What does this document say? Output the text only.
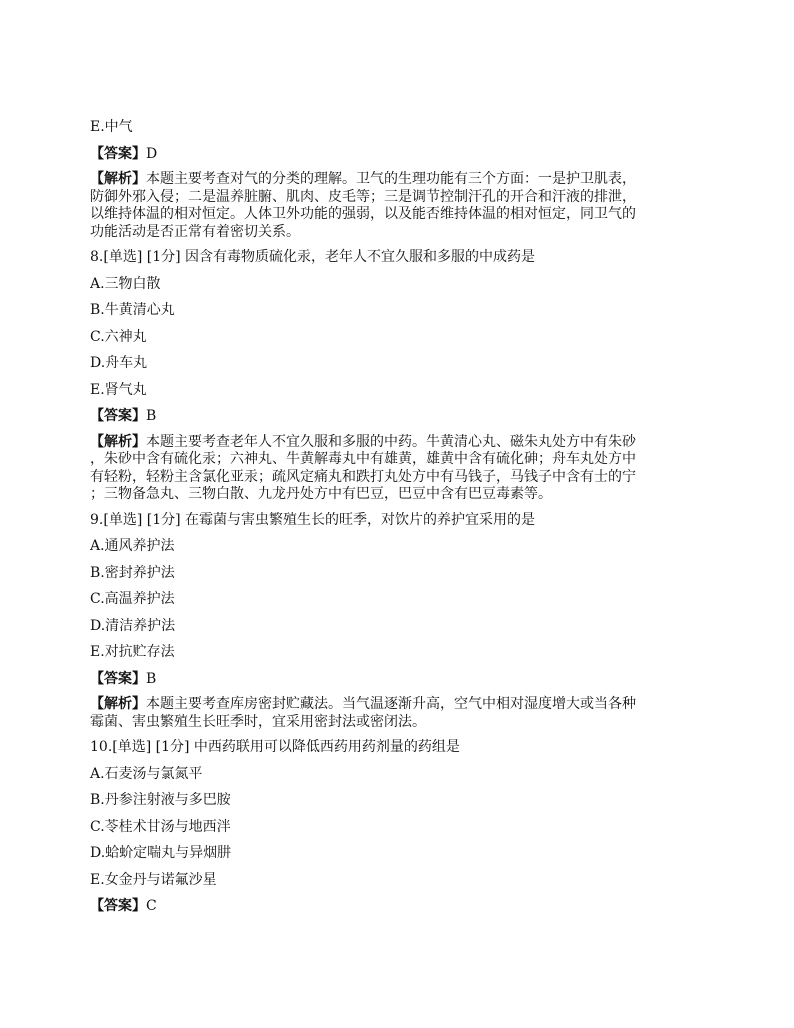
E.中气
【答案】D
【解析】本题主要考查对气的分类的理解。卫气的生理功能有三个方面：一是护卫肌表，
防御外邪入侵；二是温养脏腑、肌肉、皮毛等；三是调节控制汗孔的开合和汗液的排泄，
以维持体温的相对恒定。人体卫外功能的强弱，以及能否维持体温的相对恒定，同卫气的
功能活动是否正常有着密切关系。
8.[单选] [1分] 因含有毒物质硫化汞，老年人不宜久服和多服的中成药是
A.三物白散
B.牛黄清心丸
C.六神丸
D.舟车丸
E.肾气丸
【答案】B
【解析】本题主要考查老年人不宜久服和多服的中药。牛黄清心丸、磁朱丸处方中有朱砂
，朱砂中含有硫化汞；六神丸、牛黄解毒丸中有雄黄，雄黄中含有硫化砷；舟车丸处方中
有轻粉，轻粉主含氯化亚汞；疏风定痛丸和跌打丸处方中有马钱子，马钱子中含有士的宁
；三物备急丸、三物白散、九龙丹处方中有巴豆，巴豆中含有巴豆毒素等。
9.[单选] [1分] 在霉菌与害虫繁殖生长的旺季，对饮片的养护宜采用的是
A.通风养护法
B.密封养护法
C.高温养护法
D.清洁养护法
E.对抗贮存法
【答案】B
【解析】本题主要考查库房密封贮藏法。当气温逐渐升高，空气中相对湿度增大或当各种
霉菌、害虫繁殖生长旺季时，宜采用密封法或密闭法。
10.[单选] [1分] 中西药联用可以降低西药用药剂量的药组是
A.石麦汤与氯氮平
B.丹参注射液与多巴胺
C.苓桂术甘汤与地西泮
D.蛤蚧定喘丸与异烟肼
E.女金丹与诺氟沙星
【答案】C
